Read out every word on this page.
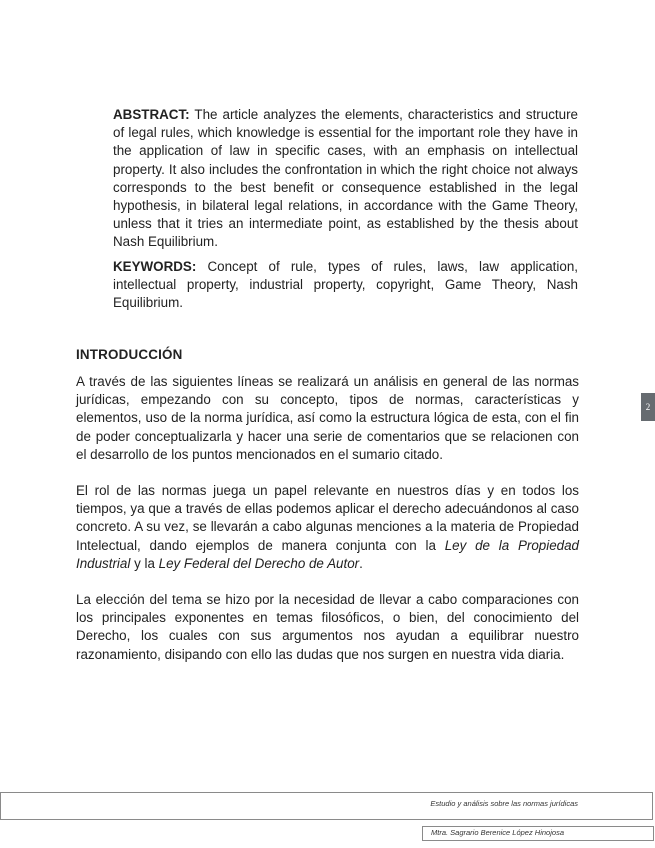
ABSTRACT: The article analyzes the elements, characteristics and structure of legal rules, which knowledge is essential for the important role they have in the application of law in specific cases, with an emphasis on intellectual property. It also includes the confrontation in which the right choice not always corresponds to the best benefit or consequence established in the legal hypothesis, in bilateral legal relations, in accordance with the Game Theory, unless that it tries an intermediate point, as established by the thesis about Nash Equilibrium.

KEYWORDS: Concept of rule, types of rules, laws, law application, intellectual property, industrial property, copyright, Game Theory, Nash Equilibrium.

INTRODUCCIÓN

A través de las siguientes líneas se realizará un análisis en general de las normas jurídicas, empezando con su concepto, tipos de normas, características y elementos, uso de la norma jurídica, así como la estructura lógica de esta, con el fin de poder conceptualizarla y hacer una serie de comentarios que se relacionen con el desarrollo de los puntos mencionados en el sumario citado.

El rol de las normas juega un papel relevante en nuestros días y en todos los tiempos, ya que a través de ellas podemos aplicar el derecho adecuándonos al caso concreto. A su vez, se llevarán a cabo algunas menciones a la materia de Propiedad Intelectual, dando ejemplos de manera conjunta con la Ley de la Propiedad Industrial y la Ley Federal del Derecho de Autor.

La elección del tema se hizo por la necesidad de llevar a cabo comparaciones con los principales exponentes en temas filosóficos, o bien, del conocimiento del Derecho, los cuales con sus argumentos nos ayudan a equilibrar nuestro razonamiento, disipando con ello las dudas que nos surgen en nuestra vida diaria.

2
Estudio y análisis sobre las normas jurídicas
Mtra. Sagrario Berenice López Hinojosa
